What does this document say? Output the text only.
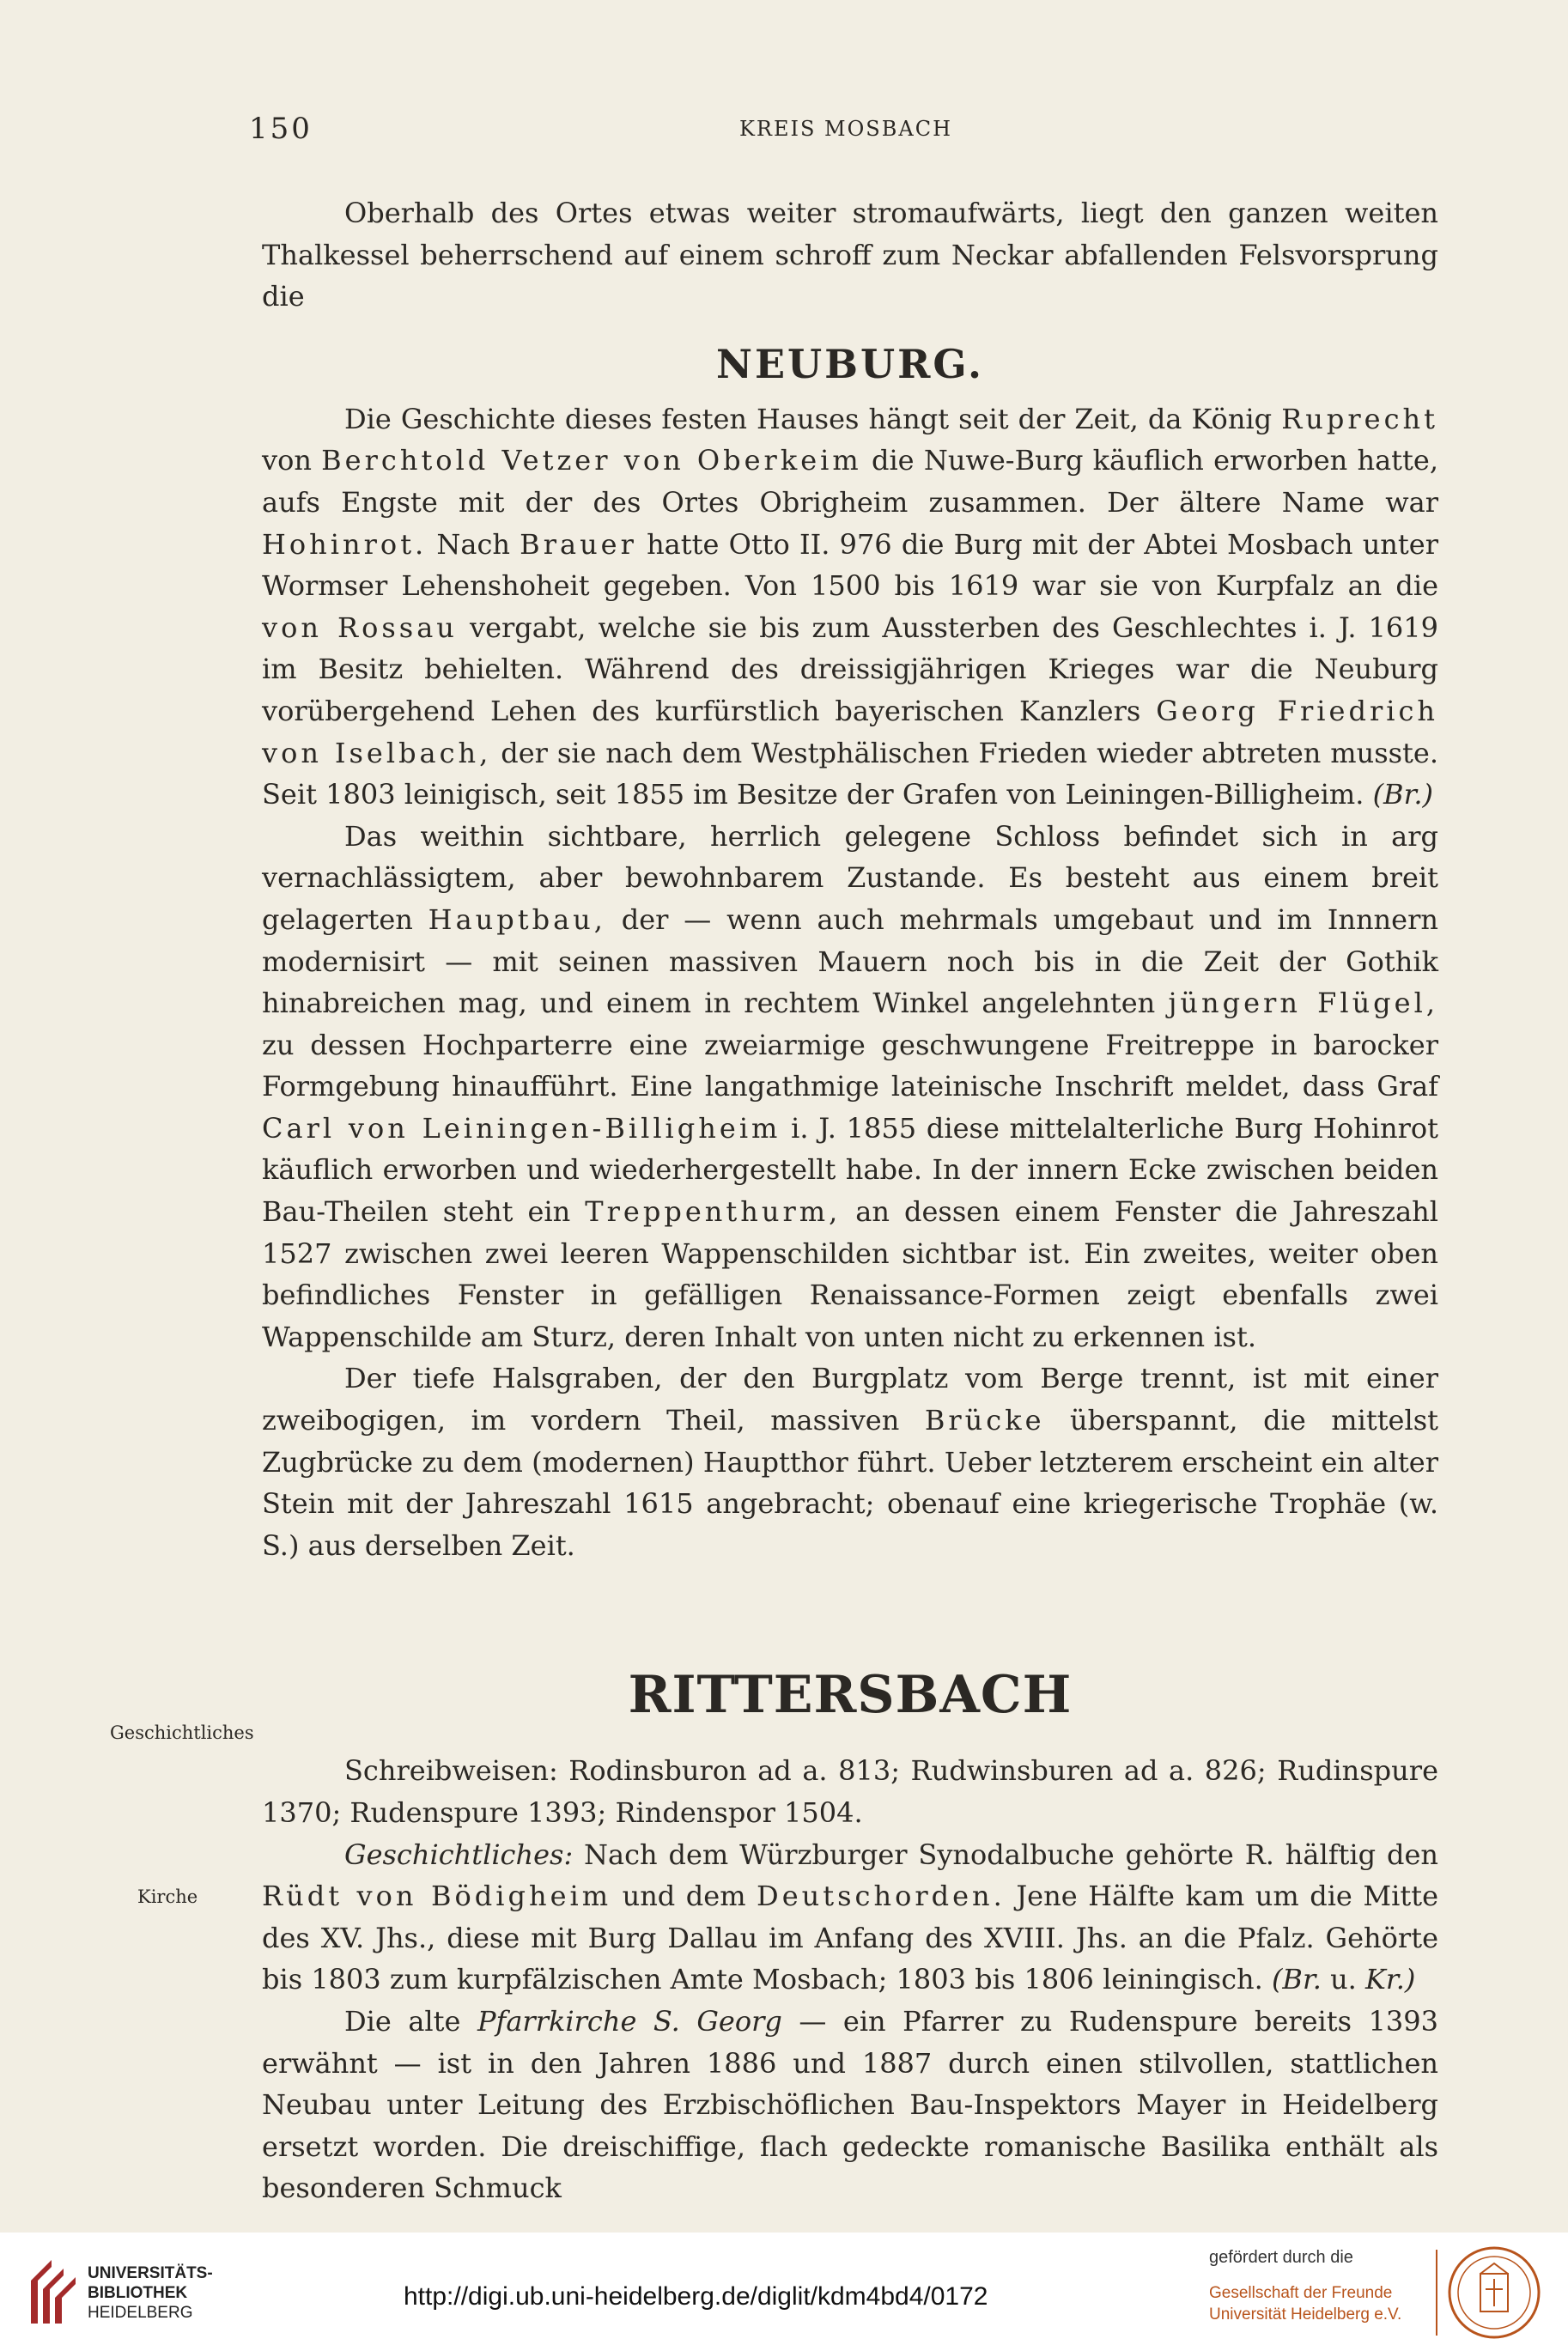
150	KREIS MOSBACH

Oberhalb des Ortes etwas weiter stromaufwärts, liegt den ganzen weiten Thalkessel beherrschend auf einem schroff zum Neckar abfallenden Felsvorsprung die

NEUBURG.

Die Geschichte dieses festen Hauses hängt seit der Zeit, da König Ruprecht von Berchtold Vetzer von Oberkeim die Nuwe-Burg käuflich erworben hatte, aufs Engste mit der des Ortes Obrigheim zusammen. Der ältere Name war Hohinrot. Nach Brauer hatte Otto II. 976 die Burg mit der Abtei Mosbach unter Wormser Lehenshoheit gegeben. Von 1500 bis 1619 war sie von Kurpfalz an die von Rossau vergabt, welche sie bis zum Aussterben des Geschlechtes i. J. 1619 im Besitz behielten. Während des dreissigjährigen Krieges war die Neuburg vorübergehend Lehen des kurfürstlich bayerischen Kanzlers Georg Friedrich von Iselbach, der sie nach dem Westphälischen Frieden wieder abtreten musste. Seit 1803 leinigisch, seit 1855 im Besitze der Grafen von Leiningen-Billigheim. (Br.)

Das weithin sichtbare, herrlich gelegene Schloss befindet sich in arg vernachlässigtem, aber bewohnbarem Zustande. Es besteht aus einem breit gelagerten Hauptbau, der — wenn auch mehrmals umgebaut und im Innnern modernisirt — mit seinen massiven Mauern noch bis in die Zeit der Gothik hinabreichen mag, und einem in rechtem Winkel angelehnten jüngern Flügel, zu dessen Hochparterre eine zweiarmige geschwungene Freitreppe in barocker Formgebung hinaufführt. Eine langathmige lateinische Inschrift meldet, dass Graf Carl von Leiningen-Billigheim i. J. 1855 diese mittelalterliche Burg Hohinrot käuflich erworben und wiederhergestellt habe. In der innern Ecke zwischen beiden Bau-Theilen steht ein Treppenthurm, an dessen einem Fenster die Jahreszahl 1527 zwischen zwei leeren Wappenschilden sichtbar ist. Ein zweites, weiter oben befindliches Fenster in gefälligen Renaissance-Formen zeigt ebenfalls zwei Wappenschilde am Sturz, deren Inhalt von unten nicht zu erkennen ist.

Der tiefe Halsgraben, der den Burgplatz vom Berge trennt, ist mit einer zweibogigen, im vordern Theil, massiven Brücke überspannt, die mittelst Zugbrücke zu dem (modernen) Hauptthor führt. Ueber letzterem erscheint ein alter Stein mit der Jahreszahl 1615 angebracht; obenauf eine kriegerische Trophäe (w. S.) aus derselben Zeit.

RITTERSBACH

Schreibweisen: Rodinsburon ad a. 813; Rudwinsburen ad a. 826; Rudinspure 1370; Rudenspure 1393; Rindenspor 1504.

Geschichtliches: Nach dem Würzburger Synodalbuche gehörte R. hälftig den Rüdt von Bödigheim und dem Deutschorden. Jene Hälfte kam um die Mitte des XV. Jhs., diese mit Burg Dallau im Anfang des XVIII. Jhs. an die Pfalz. Gehörte bis 1803 zum kurpfälzischen Amte Mosbach; 1803 bis 1806 leiningisch. (Br. u. Kr.)

Die alte Pfarrkirche S. Georg — ein Pfarrer zu Rudenspure bereits 1393 erwähnt — ist in den Jahren 1886 und 1887 durch einen stilvollen, stattlichen Neubau unter Leitung des Erzbischöflichen Bau-Inspektors Mayer in Heidelberg ersetzt worden. Die dreischiffige, flach gedeckte romanische Basilika enthält als besonderen Schmuck

Geschichtliches
Kirche
UNIVERSITÄTS-
BIBLIOTHEK
HEIDELBERG
http://digi.ub.uni-heidelberg.de/diglit/kdm4bd4/0172
gefördert durch die
Gesellschaft der Freunde
Universität Heidelberg e.V.
